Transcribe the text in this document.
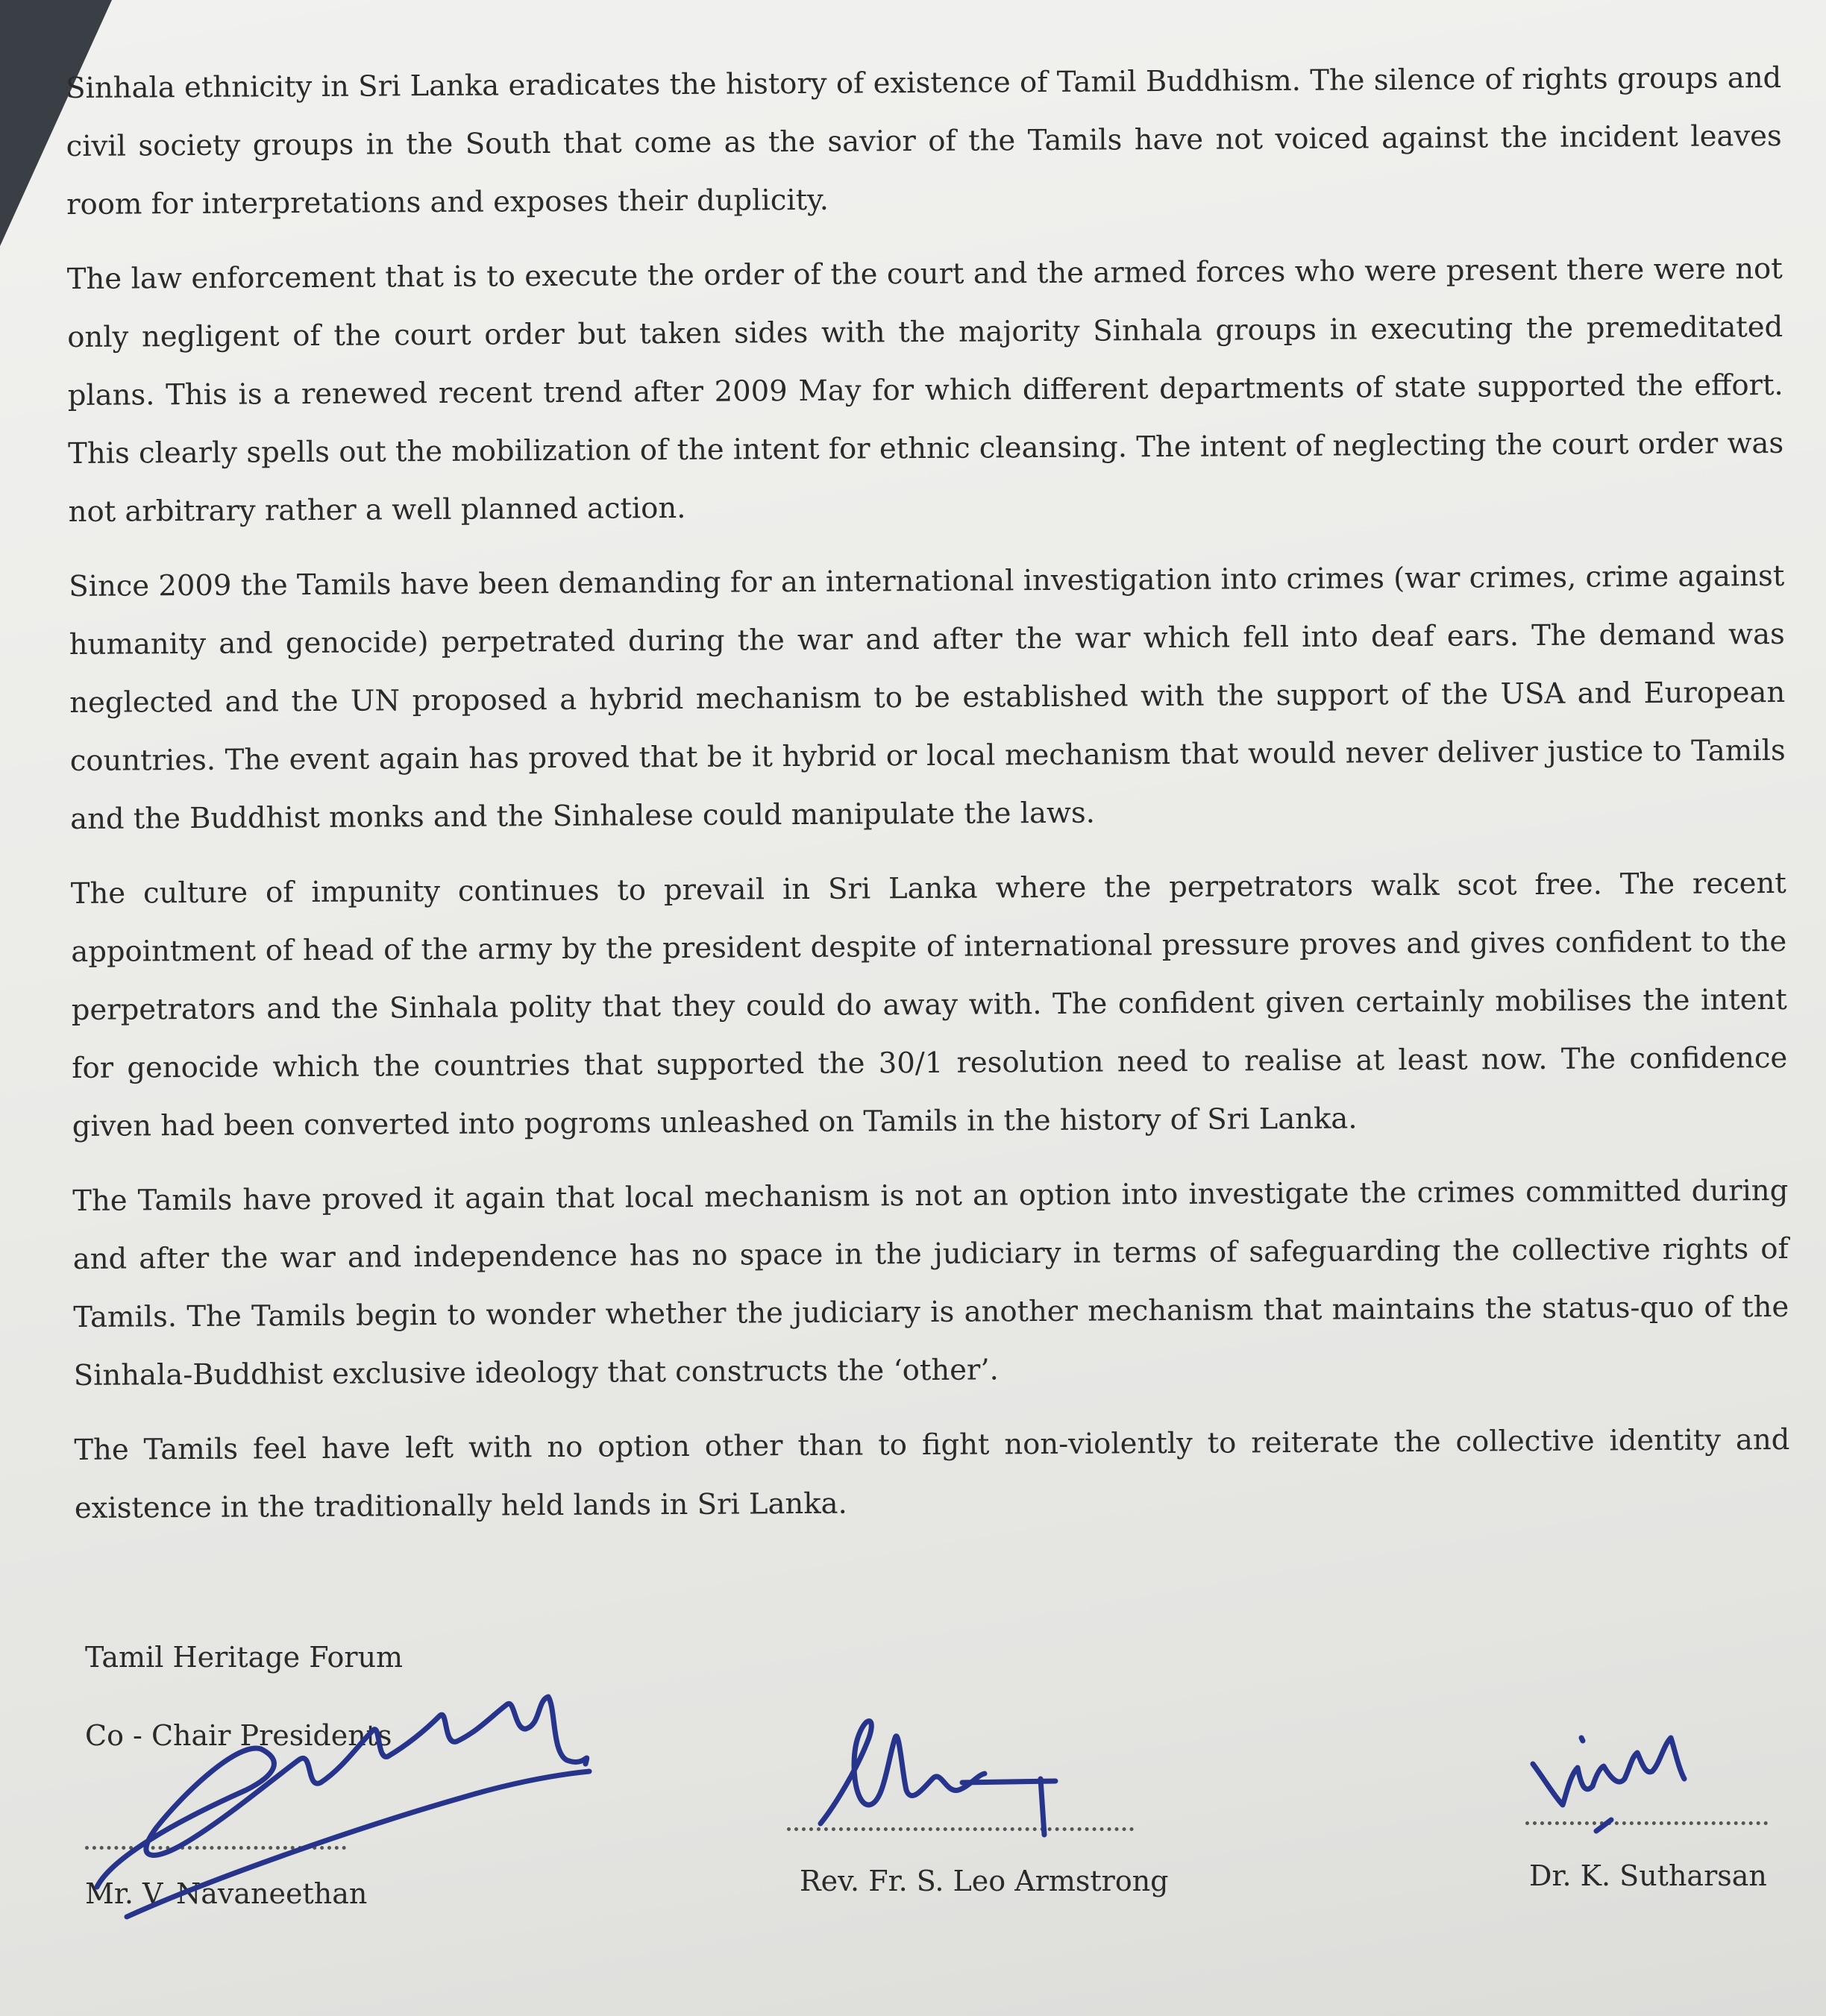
Sinhala ethnicity in Sri Lanka eradicates the history of existence of Tamil Buddhism. The silence of rights groups and civil society groups in the South that come as the savior of the Tamils have not voiced against the incident leaves room for interpretations and exposes their duplicity.

The law enforcement that is to execute the order of the court and the armed forces who were present there were not only negligent of the court order but taken sides with the majority Sinhala groups in executing the premeditated plans. This is a renewed recent trend after 2009 May for which different departments of state supported the effort. This clearly spells out the mobilization of the intent for ethnic cleansing. The intent of neglecting the court order was not arbitrary rather a well planned action.

Since 2009 the Tamils have been demanding for an international investigation into crimes (war crimes, crime against humanity and genocide) perpetrated during the war and after the war which fell into deaf ears. The demand was neglected and the UN proposed a hybrid mechanism to be established with the support of the USA and European countries. The event again has proved that be it hybrid or local mechanism that would never deliver justice to Tamils and the Buddhist monks and the Sinhalese could manipulate the laws.

The culture of impunity continues to prevail in Sri Lanka where the perpetrators walk scot free. The recent appointment of head of the army by the president despite of international pressure proves and gives confident to the perpetrators and the Sinhala polity that they could do away with. The confident given certainly mobilises the intent for genocide which the countries that supported the 30/1 resolution need to realise at least now. The confidence given had been converted into pogroms unleashed on Tamils in the history of Sri Lanka.

The Tamils have proved it again that local mechanism is not an option into investigate the crimes committed during and after the war and independence has no space in the judiciary in terms of safeguarding the collective rights of Tamils. The Tamils begin to wonder whether the judiciary is another mechanism that maintains the status-quo of the Sinhala-Buddhist exclusive ideology that constructs the ‘other’.

The Tamils feel have left with no option other than to fight non-violently to reiterate the collective identity and existence in the traditionally held lands in Sri Lanka.

Tamil Heritage Forum
Co - Chair Presidents
Mr. V. Navaneethan	Rev. Fr. S. Leo Armstrong	Dr. K. Sutharsan
